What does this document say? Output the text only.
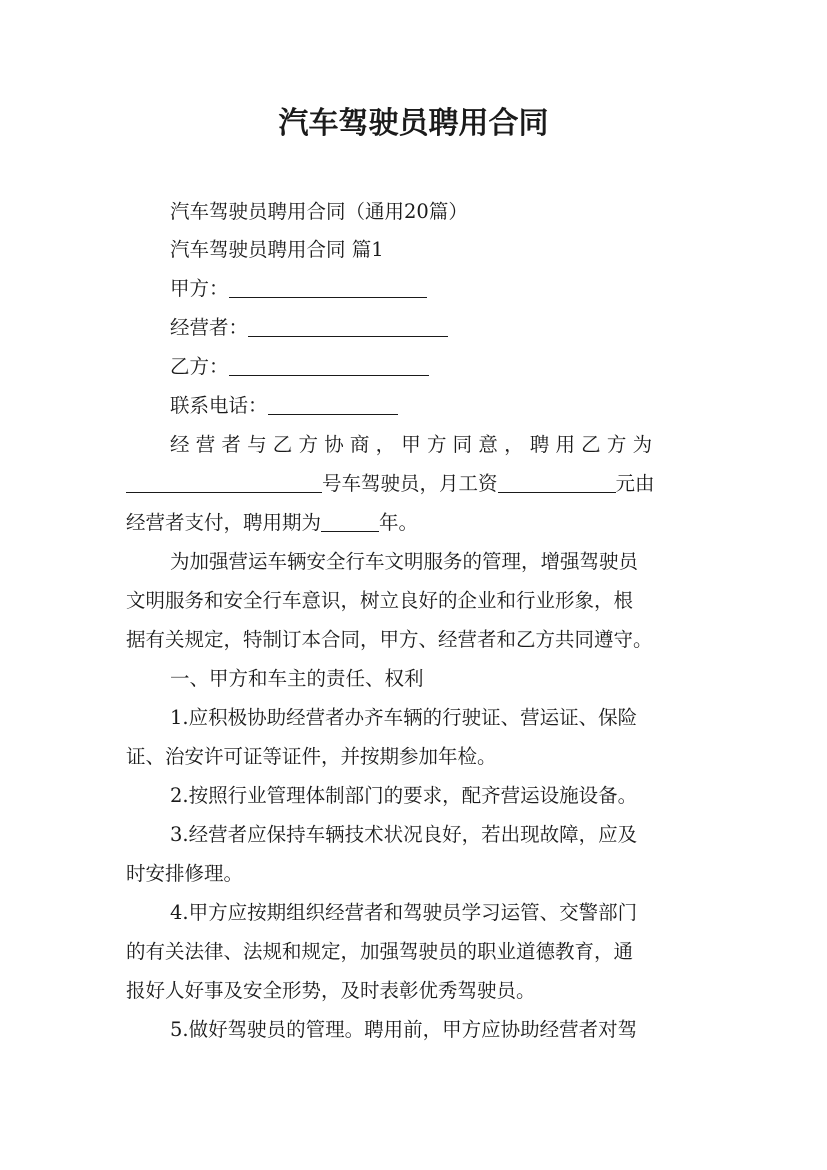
汽车驾驶员聘用合同
汽车驾驶员聘用合同（通用20篇）
汽车驾驶员聘用合同 篇1
甲方：
经营者：
乙方：
联系电话：
经 营 者 与 乙 方 协 商 ， 甲 方 同 意 ， 聘 用 乙 方 为
号车驾驶员，月工资	元由
经营者支付，聘用期为	年。
为加强营运车辆安全行车文明服务的管理，增强驾驶员
文明服务和安全行车意识，树立良好的企业和行业形象，根
据有关规定，特制订本合同，甲方、经营者和乙方共同遵守。
一、甲方和车主的责任、权利
1.应积极协助经营者办齐车辆的行驶证、营运证、保险
证、治安许可证等证件，并按期参加年检。
2.按照行业管理体制部门的要求，配齐营运设施设备。
3.经营者应保持车辆技术状况良好，若出现故障，应及
时安排修理。
4.甲方应按期组织经营者和驾驶员学习运管、交警部门
的有关法律、法规和规定，加强驾驶员的职业道德教育，通
报好人好事及安全形势，及时表彰优秀驾驶员。
5.做好驾驶员的管理。聘用前，甲方应协助经营者对驾
